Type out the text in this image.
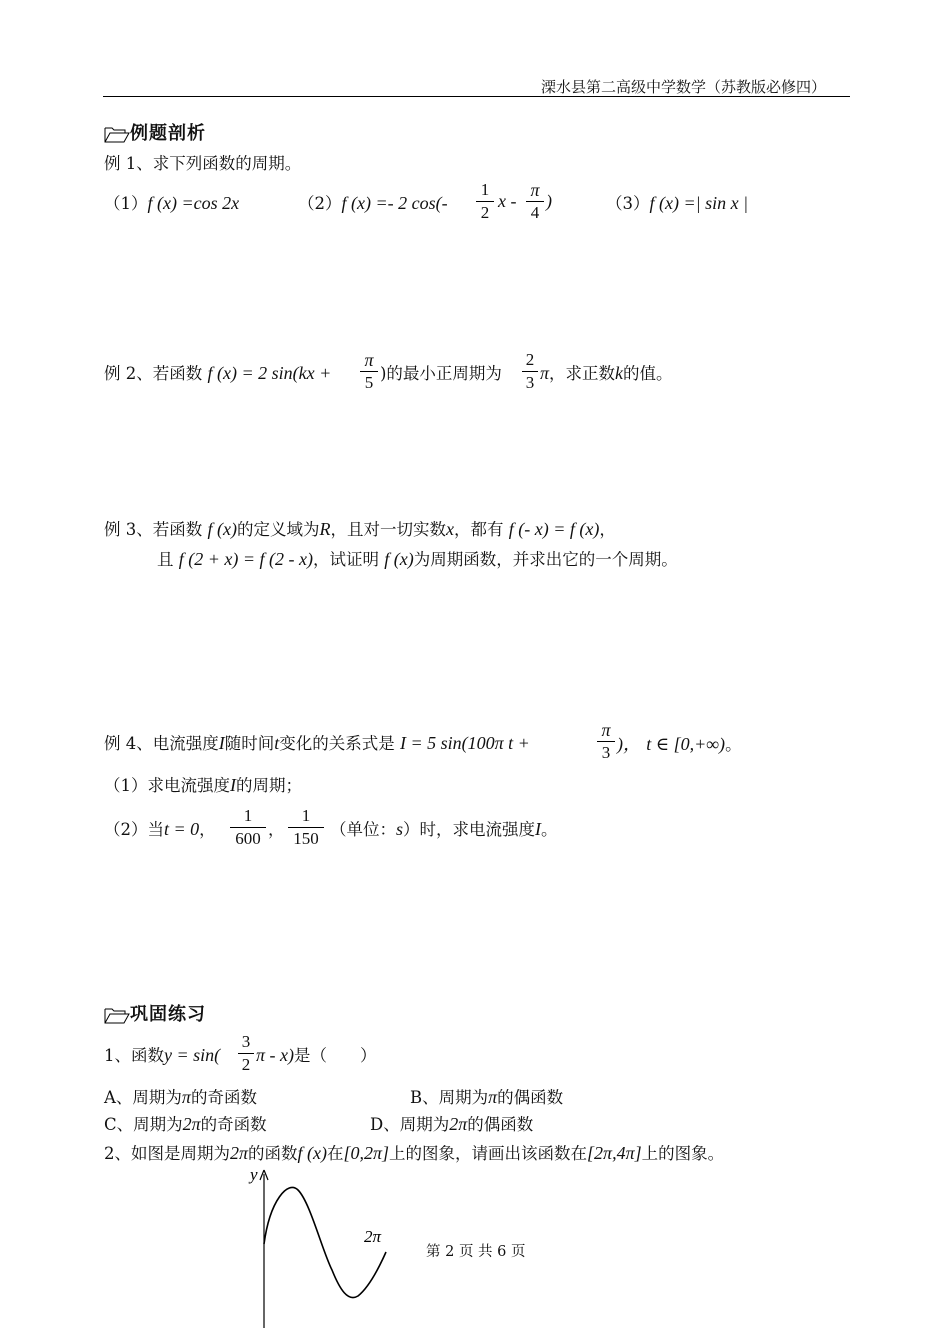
溧水县第二高级中学数学（苏教版必修四）
例题剖析
例 1、求下列函数的周期。
（1）f (x) =cos 2x	（2）f (x) =- 2 cos(-
1
2
x -
π
4
)	（3）f (x) =| sin x |
例 2、若函数 f (x) = 2 sin(kx +
π
5 )的最小正周期为
2
3 π，求正数k的值。
例 3、若函数 f (x)的定义域为R，且对一切实数x，都有 f (- x) = f (x)，
且 f (2 + x) = f (2 - x)，试证明 f (x)为周期函数，并求出它的一个周期。
例 4、电流强度I随时间t变化的关系式是 I = 5 sin(100π t +
π
3 )， t ∈ [0,+∞)。
（1）求电流强度I的周期；
（2）当t = 0，
1
600 ，
1
150 （单位：s）时，求电流强度I。
巩固练习
1、函数y = sin(
3
2 π - x)是（　　）
A、周期为π的奇函数	B、周期为π的偶函数
C、周期为2π的奇函数	D、周期为2π的偶函数
2、如图是周期为2π的函数f (x)在[0,2π]上的图象，请画出该函数在[2π,4π]上的图象。
y
2π
第 2 页 共 6 页
